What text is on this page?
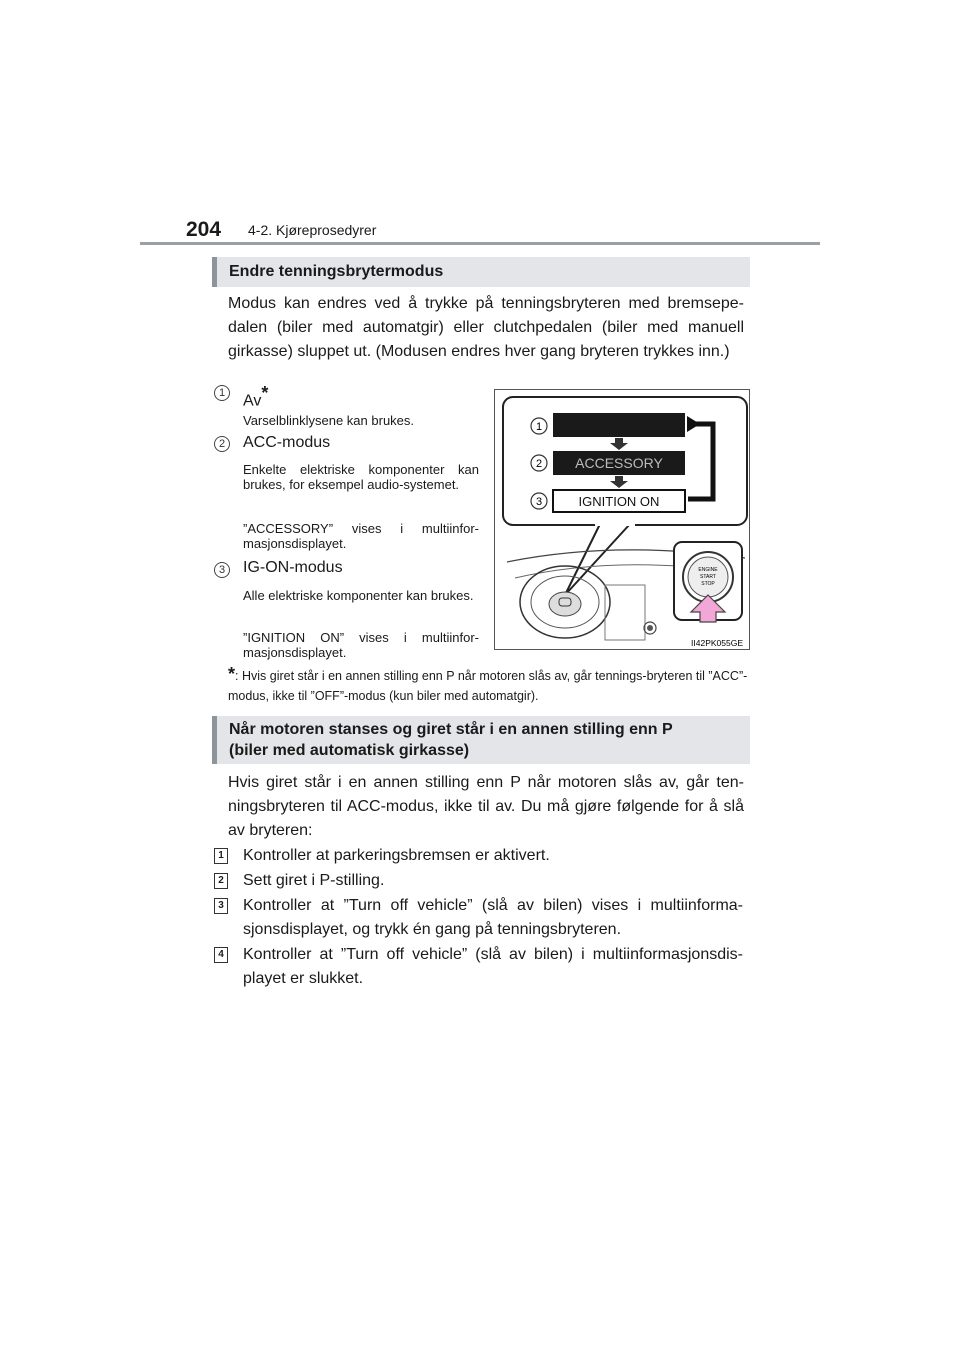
204 4-2. Kjøreprosedyrer
Endre tenningsbrytermodus
Modus kan endres ved å trykke på tenningsbryteren med bremsepedalen (biler med automatgir) eller clutchpedalen (biler med manuell girkasse) sluppet ut. (Modusen endres hver gang bryteren trykkes inn.)
1	Av*
Varselblinklysene kan brukes.
2	ACC-modus
Enkelte elektriske komponenter kan brukes, for eksempel audio-systemet.
”ACCESSORY” vises i multiinfor-masjonsdisplayet.
3	IG-ON-modus
Alle elektriske komponenter kan brukes.
”IGNITION ON” vises i multiinfor-masjonsdisplayet.
1
2
3
ACCESSORY
IGNITION ON
ENGINE
START
STOP
II42PK055GE
*: Hvis giret står i en annen stilling enn P når motoren slås av, går tennings-bryteren til ”ACC”-modus, ikke til ”OFF”-modus (kun biler med automatgir).
Når motoren stanses og giret står i en annen stilling enn P
(biler med automatisk girkasse)
Hvis giret står i en annen stilling enn P når motoren slås av, går ten-ningsbryteren til ACC-modus, ikke til av. Du må gjøre følgende for å slå av bryteren:
1 Kontroller at parkeringsbremsen er aktivert.
2 Sett giret i P-stilling.
3 Kontroller at ”Turn off vehicle” (slå av bilen) vises i multiinforma-sjonsdisplayet, og trykk én gang på tenningsbryteren.
4 Kontroller at ”Turn off vehicle” (slå av bilen) i multiinformasjonsdis-playet er slukket.
